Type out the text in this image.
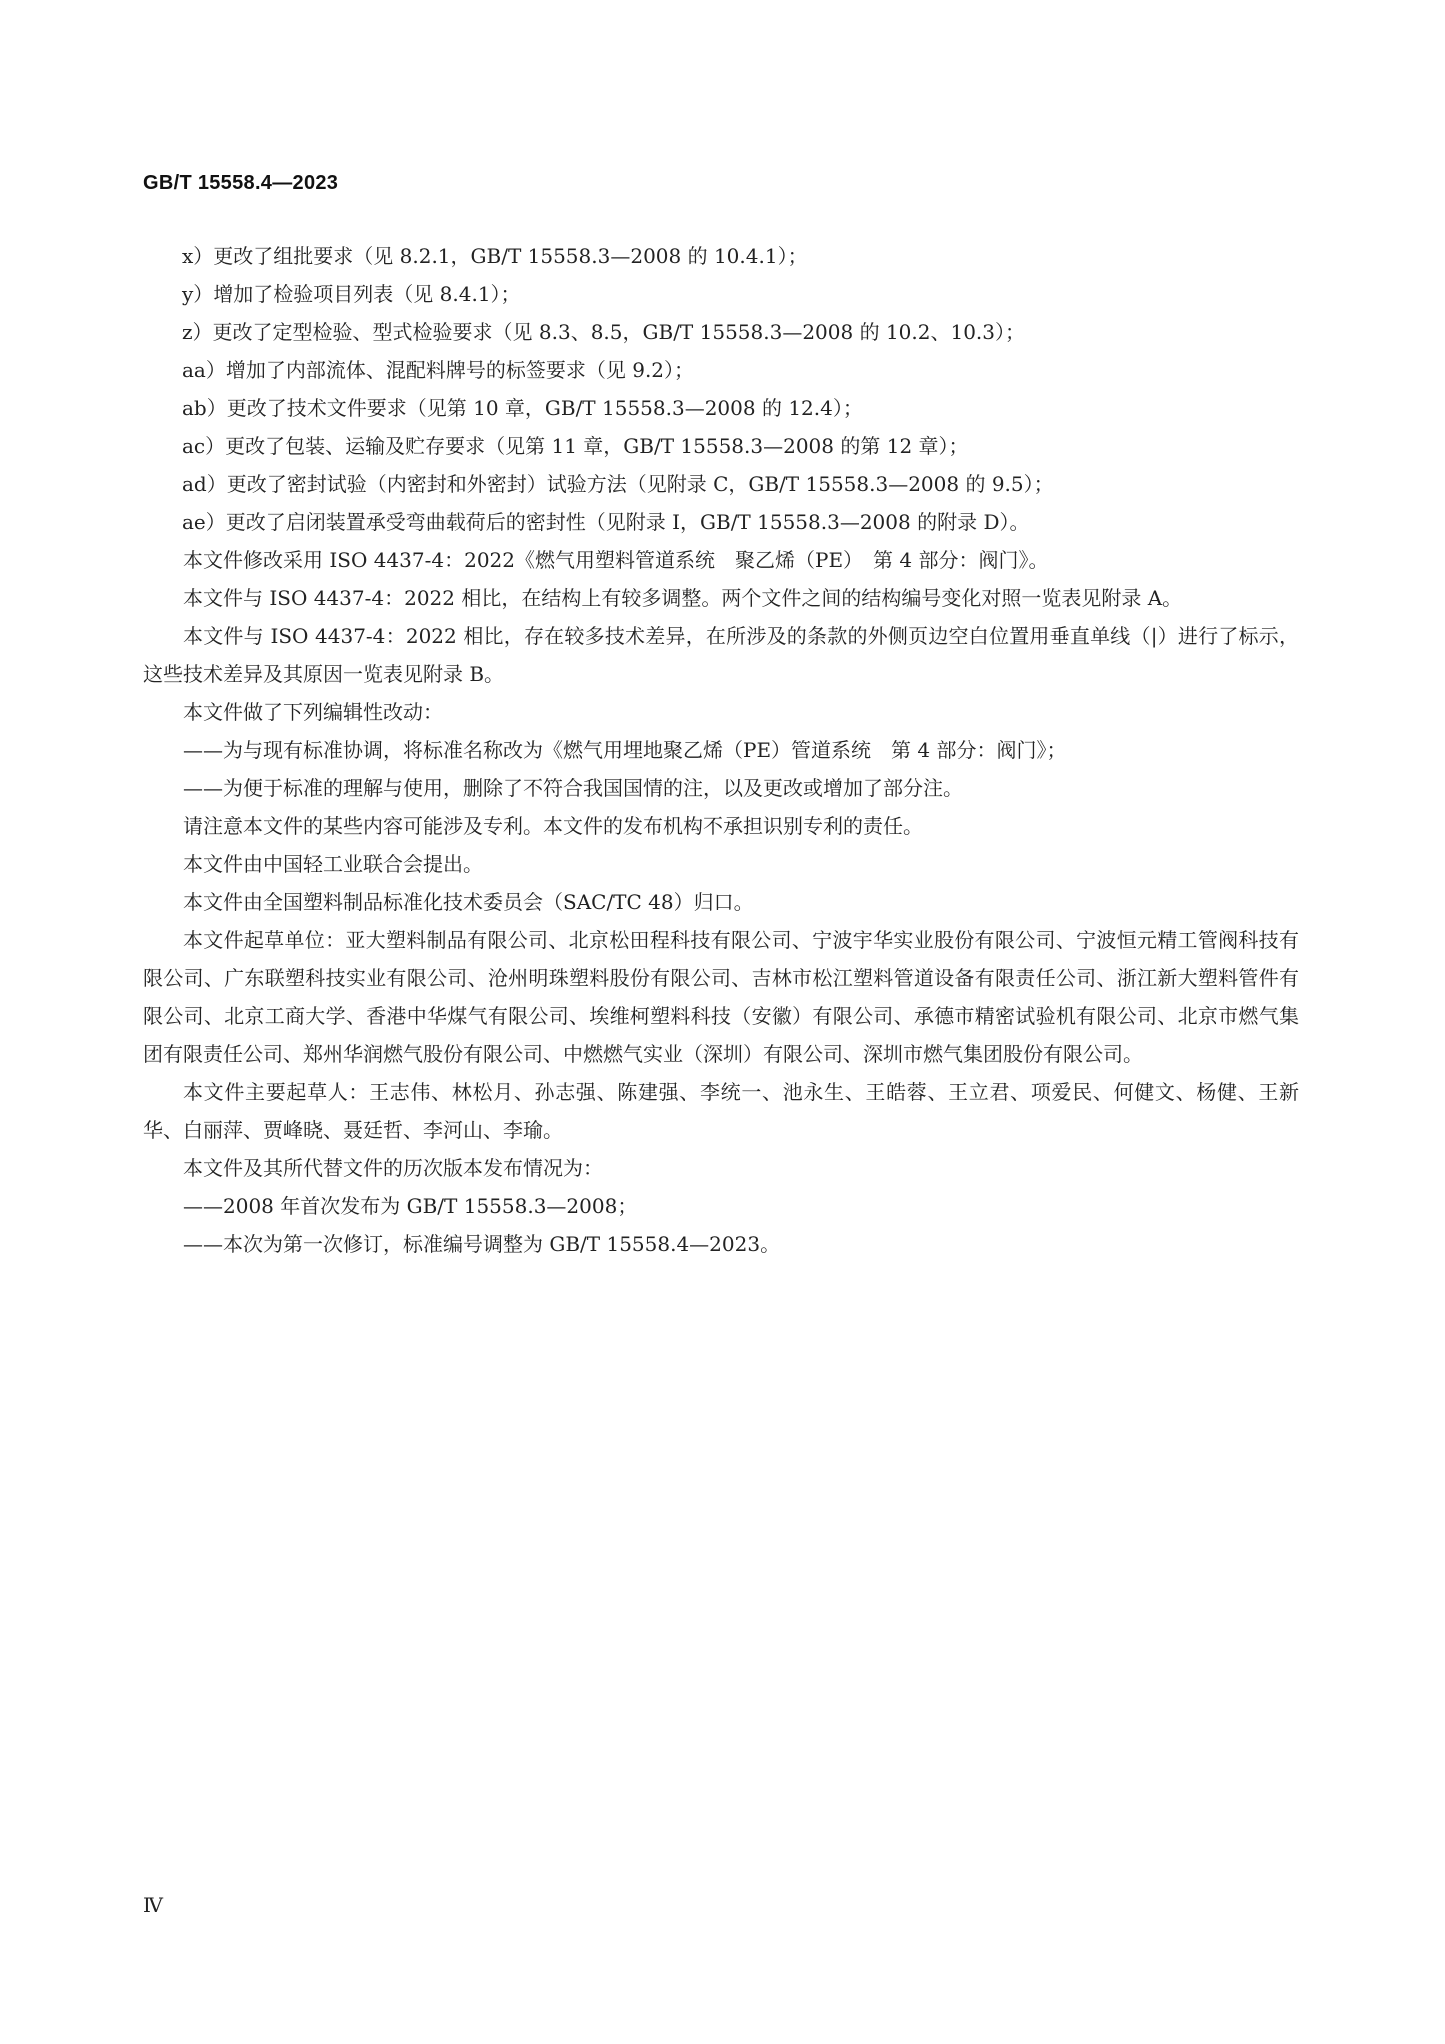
GB/T 15558.4—2023
x）更改了组批要求（见 8.2.1，GB/T 15558.3—2008 的 10.4.1）；
y）增加了检验项目列表（见 8.4.1）；
z）更改了定型检验、型式检验要求（见 8.3、8.5，GB/T 15558.3—2008 的 10.2、10.3）；
aa）增加了内部流体、混配料牌号的标签要求（见 9.2）；
ab）更改了技术文件要求（见第 10 章，GB/T 15558.3—2008 的 12.4）；
ac）更改了包装、运输及贮存要求（见第 11 章，GB/T 15558.3—2008 的第 12 章）；
ad）更改了密封试验（内密封和外密封）试验方法（见附录 C，GB/T 15558.3—2008 的 9.5）；
ae）更改了启闭装置承受弯曲载荷后的密封性（见附录 I，GB/T 15558.3—2008 的附录 D）。

本文件修改采用 ISO 4437-4：2022《燃气用塑料管道系统　聚乙烯（PE）　第 4 部分：阀门》。

本文件与 ISO 4437-4：2022 相比，在结构上有较多调整。两个文件之间的结构编号变化对照一览表见附录 A。

本文件与 ISO 4437-4：2022 相比，存在较多技术差异，在所涉及的条款的外侧页边空白位置用垂直单线（|）进行了标示，这些技术差异及其原因一览表见附录 B。

本文件做了下列编辑性改动：

——为与现有标准协调，将标准名称改为《燃气用埋地聚乙烯（PE）管道系统　第 4 部分：阀门》；

——为便于标准的理解与使用，删除了不符合我国国情的注，以及更改或增加了部分注。

请注意本文件的某些内容可能涉及专利。本文件的发布机构不承担识别专利的责任。

本文件由中国轻工业联合会提出。

本文件由全国塑料制品标准化技术委员会（SAC/TC 48）归口。

本文件起草单位：亚大塑料制品有限公司、北京松田程科技有限公司、宁波宇华实业股份有限公司、宁波恒元精工管阀科技有限公司、广东联塑科技实业有限公司、沧州明珠塑料股份有限公司、吉林市松江塑料管道设备有限责任公司、浙江新大塑料管件有限公司、北京工商大学、香港中华煤气有限公司、埃维柯塑料科技（安徽）有限公司、承德市精密试验机有限公司、北京市燃气集团有限责任公司、郑州华润燃气股份有限公司、中燃燃气实业（深圳）有限公司、深圳市燃气集团股份有限公司。

本文件主要起草人：王志伟、林松月、孙志强、陈建强、李统一、池永生、王皓蓉、王立君、项爱民、何健文、杨健、王新华、白丽萍、贾峰晓、聂廷哲、李河山、李瑜。

本文件及其所代替文件的历次版本发布情况为：

——2008 年首次发布为 GB/T 15558.3—2008；

——本次为第一次修订，标准编号调整为 GB/T 15558.4—2023。

Ⅳ
